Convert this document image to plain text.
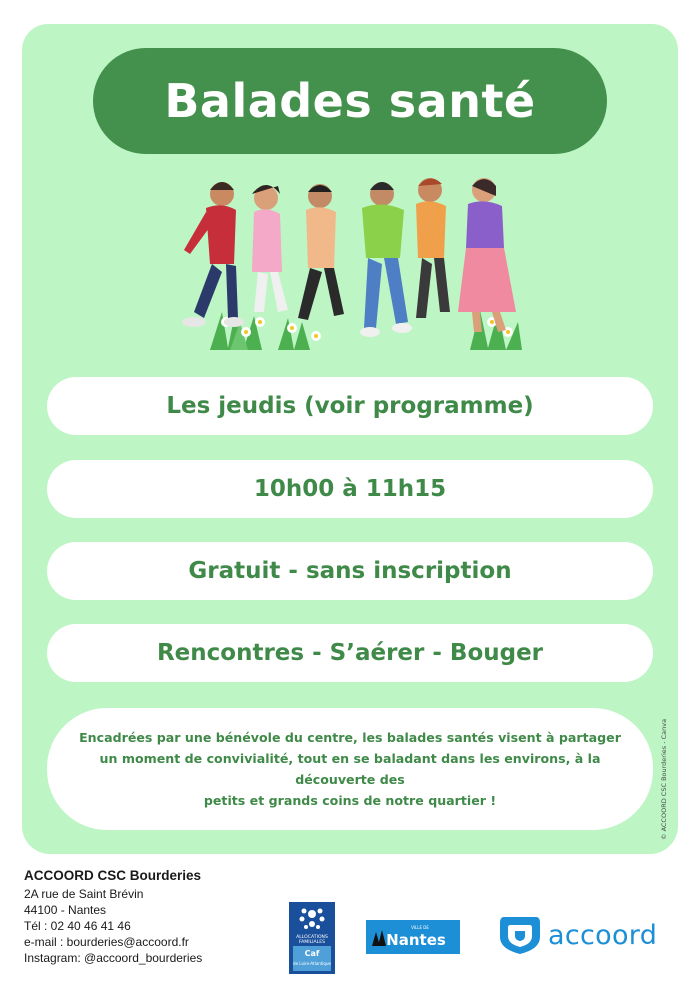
Balades santé
Les jeudis (voir programme)
10h00 à 11h15
Gratuit - sans inscription
Rencontres - S’aérer - Bouger

Encadrées par une bénévole du centre, les balades santés visent à partager
un moment de convivialité, tout en se baladant dans les environs, à la découverte des
petits et grands coins de notre quartier !	© ACCOORD CSC Bourderies - Canva
ACCOORD CSC Bourderies
2A rue de Saint Brévin
44100 - Nantes
Tél : 02 40 46 41 46
e-mail : bourderies@accoord.fr
Instagram: @accoord_bourderies
ALLOCATIONS
FAMILIALES
Caf
de Loire-Atlantique
VILLE DE
Nantes	accoord
